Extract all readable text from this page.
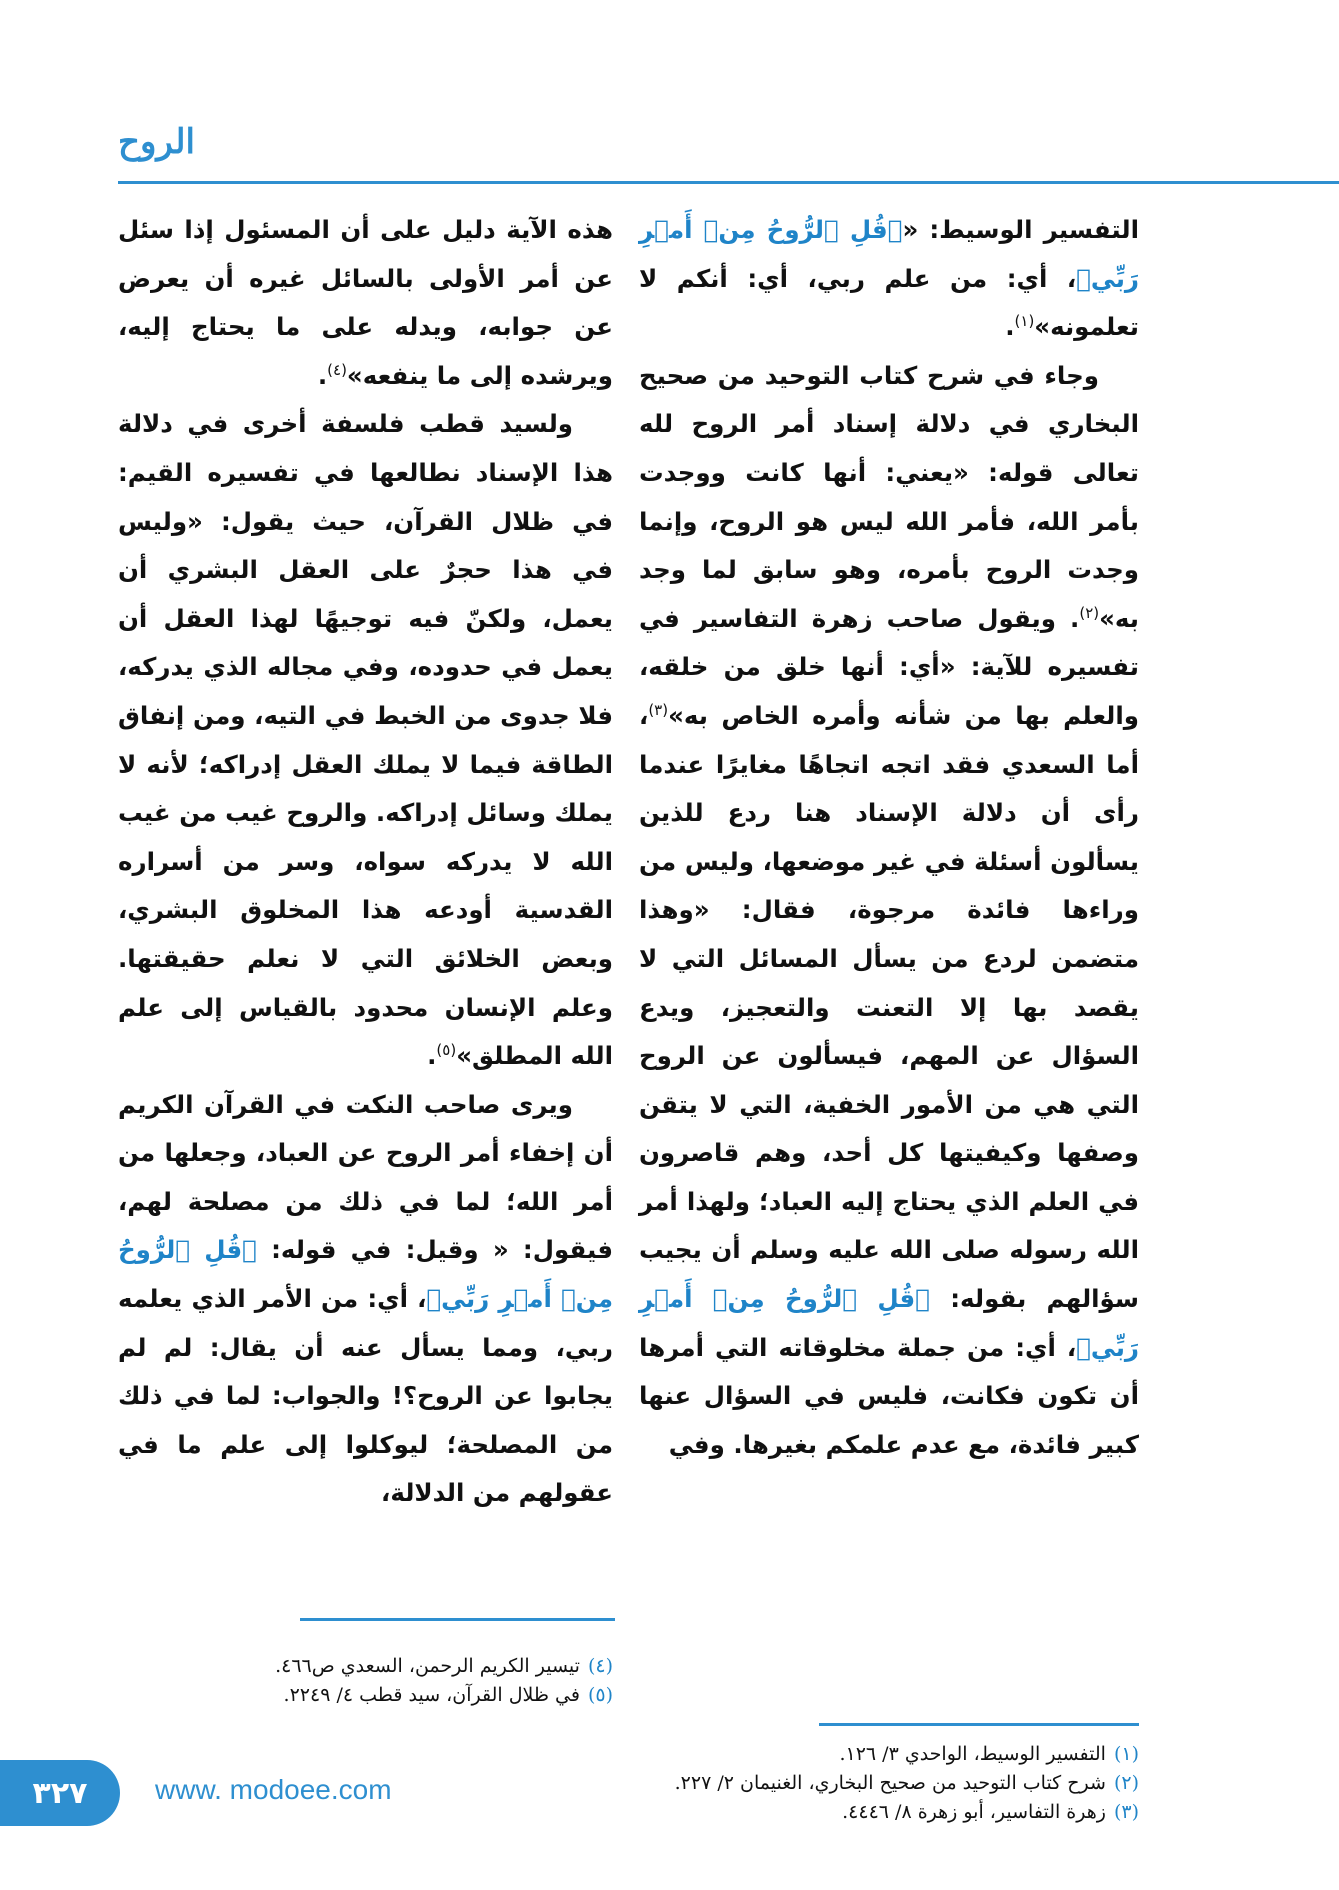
الروح

التفسير الوسيط: «﴿قُلِ ٱلرُّوحُ مِنۡ أَمۡرِ رَبِّي﴾، أي: من علم ربي، أي: أنكم لا تعلمونه»$^{(١)}$.

وجاء في شرح كتاب التوحيد من صحيح البخاري في دلالة إسناد أمر الروح لله تعالى قوله: «يعني: أنها كانت ووجدت بأمر الله، فأمر الله ليس هو الروح، وإنما وجدت الروح بأمره، وهو سابق لما وجد به»$^{(٢)}$. ويقول صاحب زهرة التفاسير في تفسيره للآية: «أي: أنها خلق من خلقه، والعلم بها من شأنه وأمره الخاص به»$^{(٣)}$، أما السعدي فقد اتجه اتجاهًا مغايرًا عندما رأى أن دلالة الإسناد هنا ردع للذين يسألون أسئلة في غير موضعها، وليس من وراءها فائدة مرجوة، فقال: «وهذا متضمن لردع من يسأل المسائل التي لا يقصد بها إلا التعنت والتعجيز، ويدع السؤال عن المهم، فيسألون عن الروح التي هي من الأمور الخفية، التي لا يتقن وصفها وكيفيتها كل أحد، وهم قاصرون في العلم الذي يحتاج إليه العباد؛ ولهذا أمر الله رسوله صلى الله عليه وسلم أن يجيب سؤالهم بقوله: ﴿قُلِ ٱلرُّوحُ مِنۡ أَمۡرِ رَبِّي﴾، أي: من جملة مخلوقاته التي أمرها أن تكون فكانت، فليس في السؤال عنها كبير فائدة، مع عدم علمكم بغيرها. وفي

هذه الآية دليل على أن المسئول إذا سئل عن أمر الأولى بالسائل غيره أن يعرض عن جوابه، ويدله على ما يحتاج إليه، ويرشده إلى ما ينفعه»$^{(٤)}$.

ولسيد قطب فلسفة أخرى في دلالة هذا الإسناد نطالعها في تفسيره القيم: في ظلال القرآن، حيث يقول: «وليس في هذا حجرٌ على العقل البشري أن يعمل، ولكنّ فيه توجيهًا لهذا العقل أن يعمل في حدوده، وفي مجاله الذي يدركه، فلا جدوى من الخبط في التيه، ومن إنفاق الطاقة فيما لا يملك العقل إدراكه؛ لأنه لا يملك وسائل إدراكه. والروح غيب من غيب الله لا يدركه سواه، وسر من أسراره القدسية أودعه هذا المخلوق البشري، وبعض الخلائق التي لا نعلم حقيقتها. وعلم الإنسان محدود بالقياس إلى علم الله المطلق»$^{(٥)}$.

ويرى صاحب النكت في القرآن الكريم أن إخفاء أمر الروح عن العباد، وجعلها من أمر الله؛ لما في ذلك من مصلحة لهم، فيقول: « وقيل: في قوله: ﴿قُلِ ٱلرُّوحُ مِنۡ أَمۡرِ رَبِّي﴾، أي: من الأمر الذي يعلمه ربي، ومما يسأل عنه أن يقال: لم لم يجابوا عن الروح؟! والجواب: لما في ذلك من المصلحة؛ ليوكلوا إلى علم ما في عقولهم من الدلالة،

(١)
التفسير الوسيط، الواحدي ٣/ ١٢٦.
(٢)
شرح كتاب التوحيد من صحيح البخاري، الغنيمان ٢/ ٢٢٧.
(٣)
زهرة التفاسير، أبو زهرة ٨/ ٤٤٤٦.
(٤)
تيسير الكريم الرحمن، السعدي ص٤٦٦.
(٥)
في ظلال القرآن، سيد قطب ٤/ ٢٢٤٩.
٣٢٧	www. modoee.com
